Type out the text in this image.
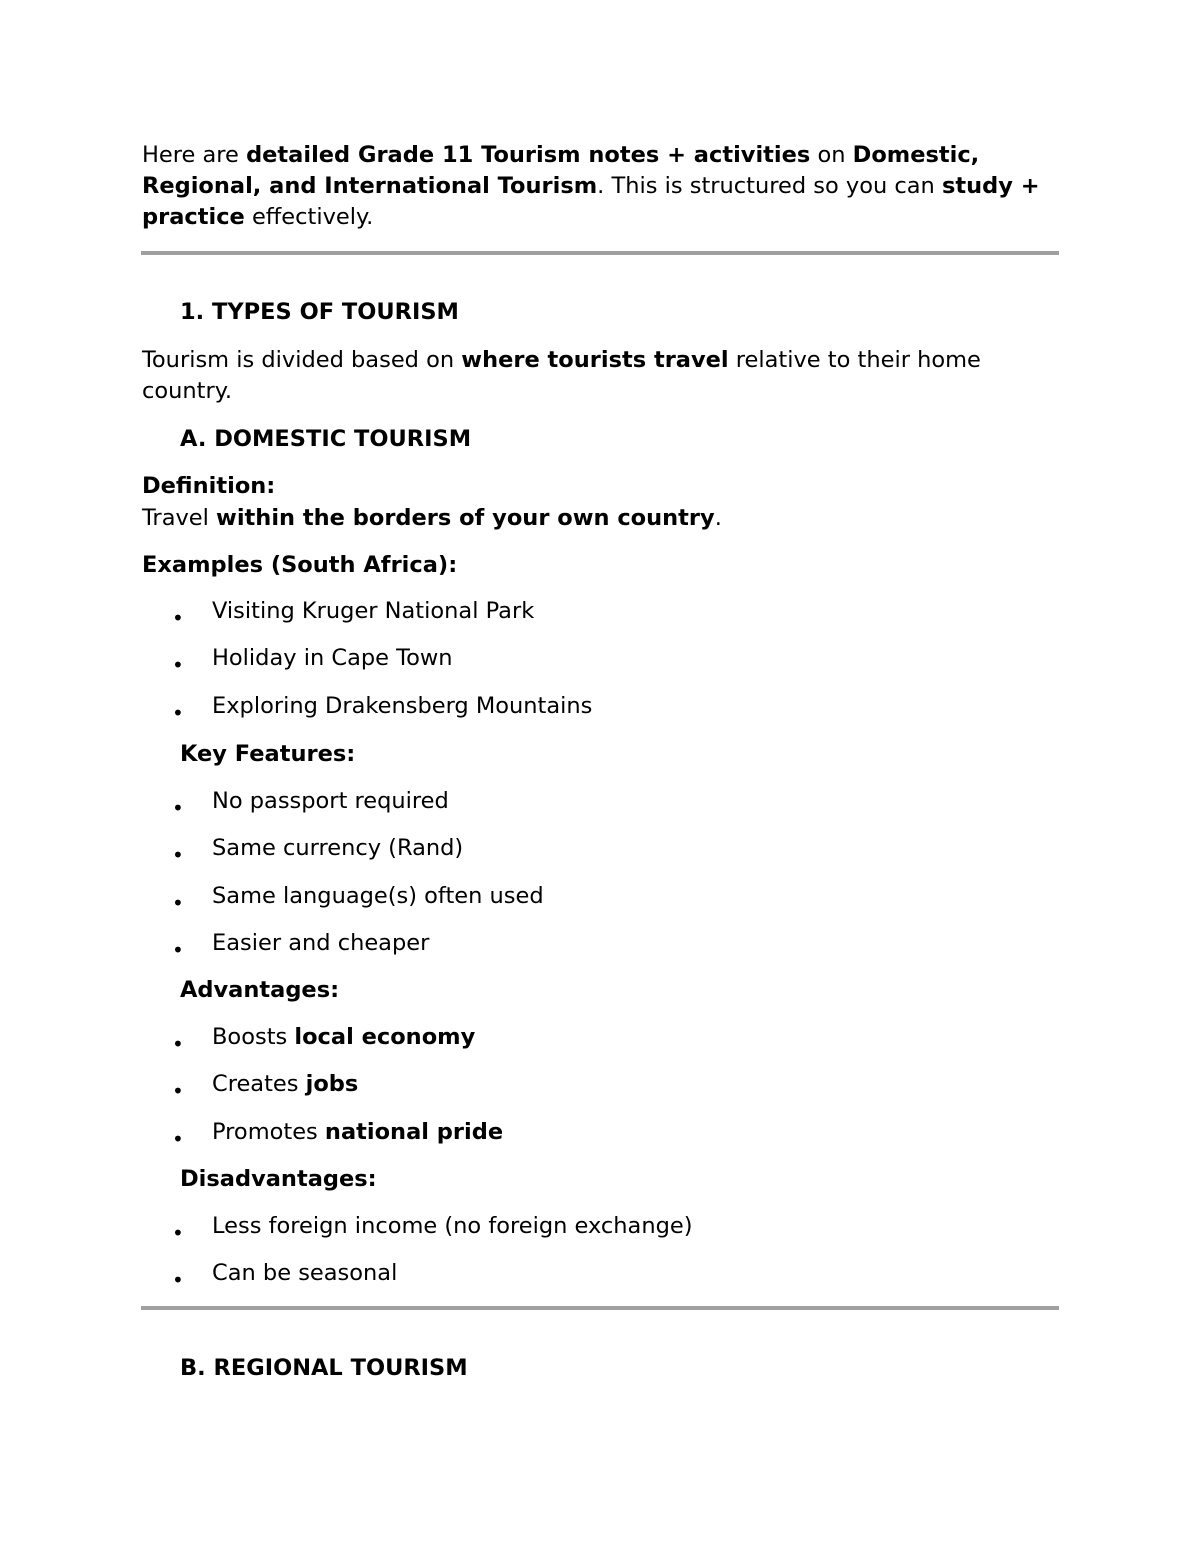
Here are detailed Grade 11 Tourism notes + activities on Domestic, Regional, and International Tourism. This is structured so you can study + practice effectively.

1. TYPES OF TOURISM

Tourism is divided based on where tourists travel relative to their home country.

A. DOMESTIC TOURISM

Definition:

Travel within the borders of your own country.

Examples (South Africa):

• Visiting Kruger National Park
• Holiday in Cape Town
• Exploring Drakensberg Mountains

Key Features:

• No passport required
• Same currency (Rand)
• Same language(s) often used
• Easier and cheaper

Advantages:

• Boosts local economy
• Creates jobs
• Promotes national pride

Disadvantages:

• Less foreign income (no foreign exchange)
• Can be seasonal

B. REGIONAL TOURISM
